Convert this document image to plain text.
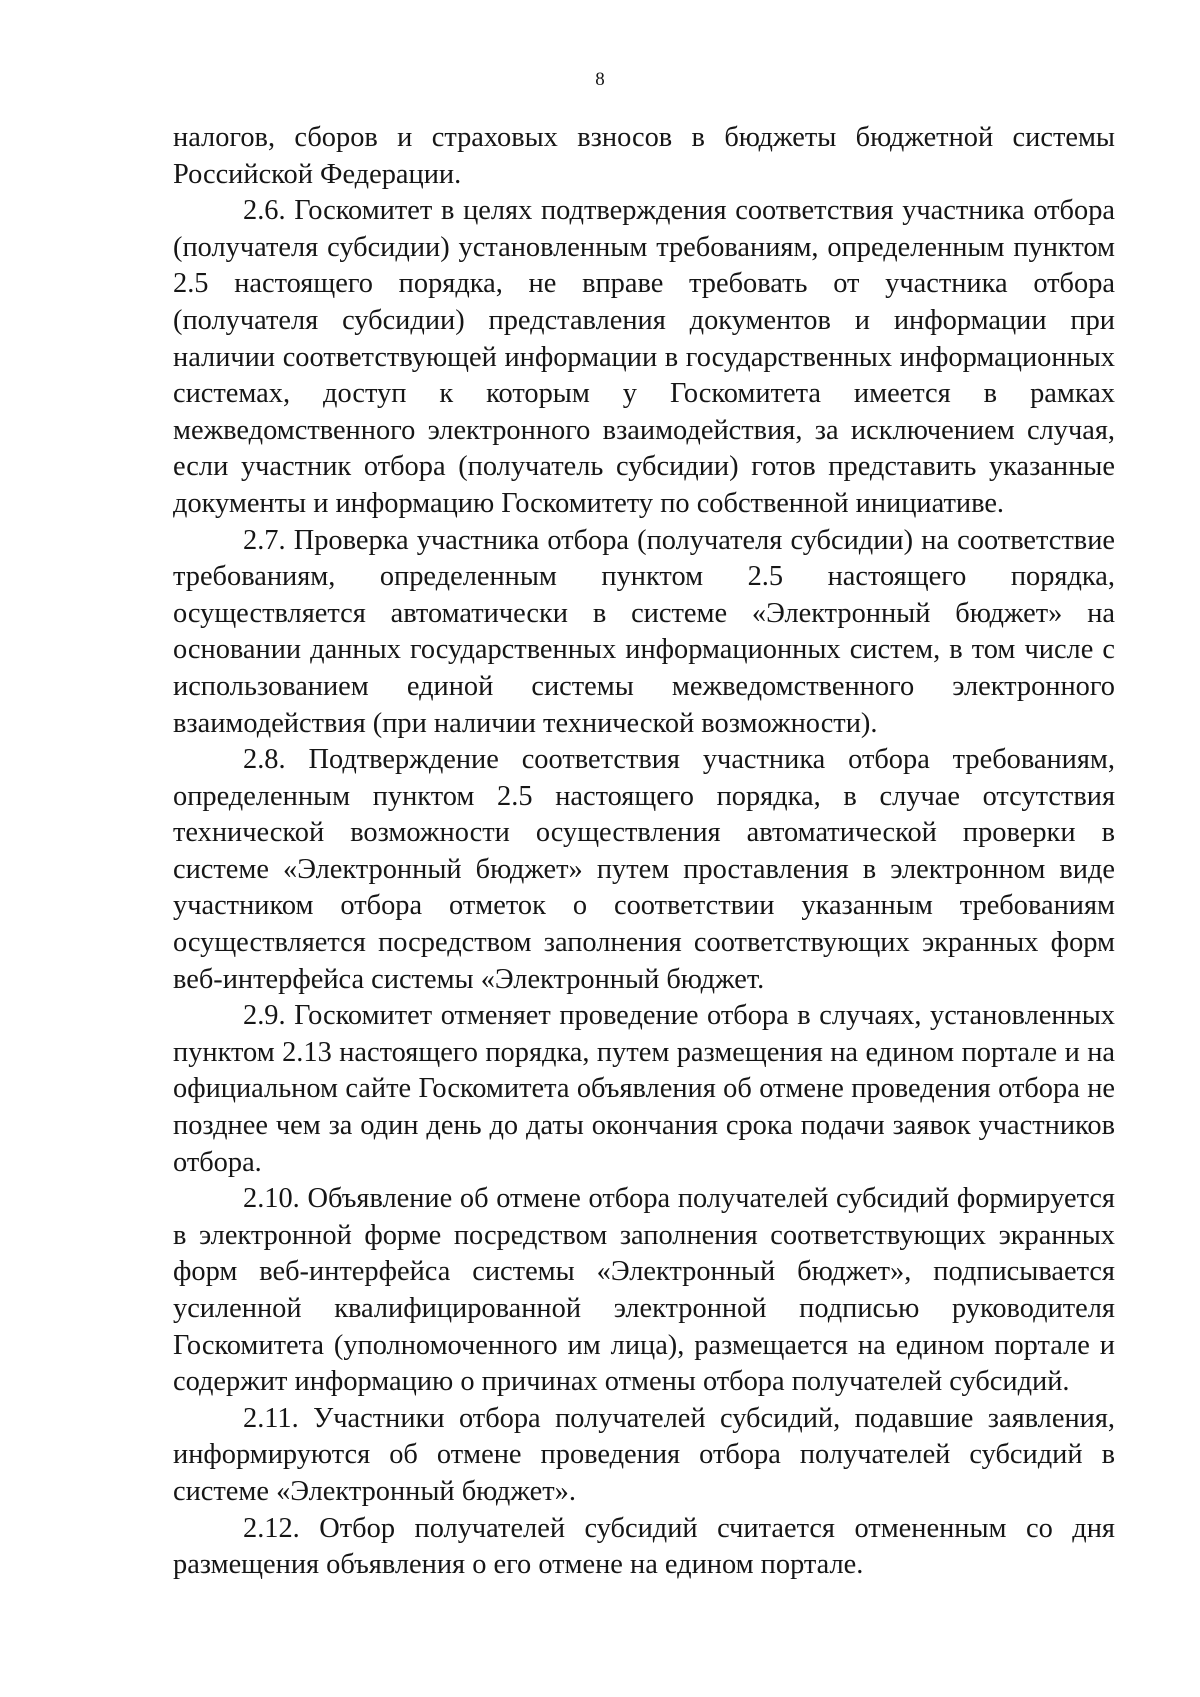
8

налогов, сборов и страховых взносов в бюджеты бюджетной системы Российской Федерации.

2.6. Госкомитет в целях подтверждения соответствия участника отбора (получателя субсидии) установленным требованиям, определенным пунктом 2.5 настоящего порядка, не вправе требовать от участника отбора (получателя субсидии) представления документов и информации при наличии соответствующей информации в государственных информационных системах, доступ к которым у Госкомитета имеется в рамках межведомственного электронного взаимодействия, за исключением случая, если участник отбора (получатель субсидии) готов представить указанные документы и информацию Госкомитету по собственной инициативе.

2.7. Проверка участника отбора (получателя субсидии) на соответствие требованиям, определенным пунктом 2.5 настоящего порядка, осуществляется автоматически в системе «Электронный бюджет» на основании данных государственных информационных систем, в том числе с использованием единой системы межведомственного электронного взаимодействия (при наличии технической возможности).

2.8. Подтверждение соответствия участника отбора требованиям, определенным пунктом 2.5 настоящего порядка, в случае отсутствия технической возможности осуществления автоматической проверки в системе «Электронный бюджет» путем проставления в электронном виде участником отбора отметок о соответствии указанным требованиям осуществляется посредством заполнения соответствующих экранных форм веб-интерфейса системы «Электронный бюджет.

2.9. Госкомитет отменяет проведение отбора в случаях, установленных пунктом 2.13 настоящего порядка, путем размещения на едином портале и на официальном сайте Госкомитета объявления об отмене проведения отбора не позднее чем за один день до даты окончания срока подачи заявок участников отбора.

2.10. Объявление об отмене отбора получателей субсидий формируется в электронной форме посредством заполнения соответствующих экранных форм веб-интерфейса системы «Электронный бюджет», подписывается усиленной квалифицированной электронной подписью руководителя Госкомитета (уполномоченного им лица), размещается на едином портале и содержит информацию о причинах отмены отбора получателей субсидий.

2.11. Участники отбора получателей субсидий, подавшие заявления, информируются об отмене проведения отбора получателей субсидий в системе «Электронный бюджет».

2.12. Отбор получателей субсидий считается отмененным со дня размещения объявления о его отмене на едином портале.
